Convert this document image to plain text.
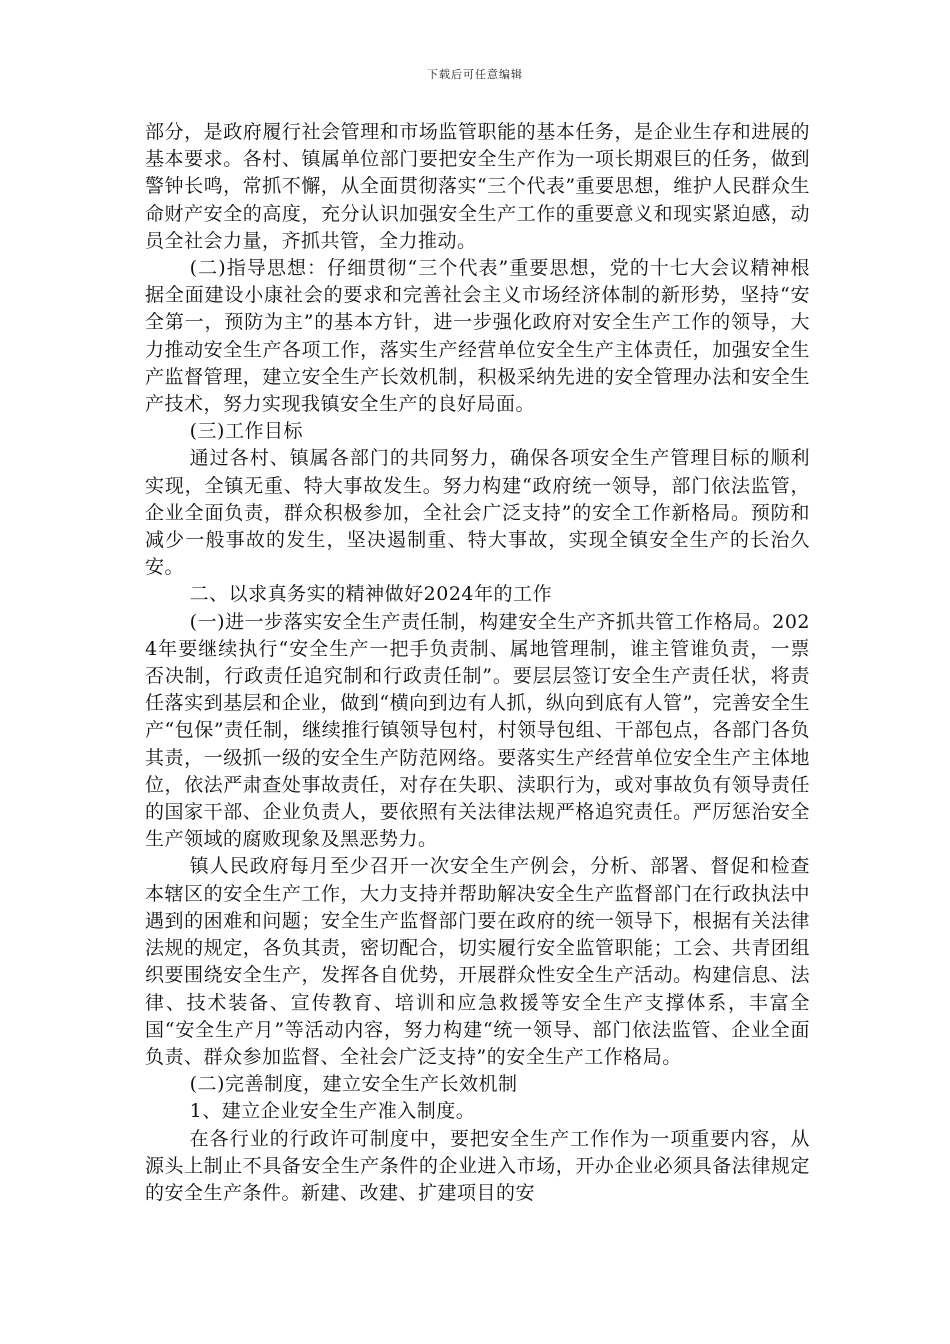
下载后可任意编辑

部分，是政府履行社会管理和市场监管职能的基本任务，是企业生存和进展的基本要求。各村、镇属单位部门要把安全生产作为一项长期艰巨的任务，做到警钟长鸣，常抓不懈，从全面贯彻落实“三个代表”重要思想，维护人民群众生命财产安全的高度，充分认识加强安全生产工作的重要意义和现实紧迫感，动员全社会力量，齐抓共管，全力推动。

(二)指导思想：仔细贯彻“三个代表”重要思想，党的十七大会议精神根据全面建设小康社会的要求和完善社会主义市场经济体制的新形势，坚持“安全第一，预防为主”的基本方针，进一步强化政府对安全生产工作的领导，大力推动安全生产各项工作，落实生产经营单位安全生产主体责任，加强安全生产监督管理，建立安全生产长效机制，积极采纳先进的安全管理办法和安全生产技术，努力实现我镇安全生产的良好局面。

(三)工作目标

通过各村、镇属各部门的共同努力，确保各项安全生产管理目标的顺利实现，全镇无重、特大事故发生。努力构建“政府统一领导，部门依法监管，企业全面负责，群众积极参加，全社会广泛支持”的安全工作新格局。预防和减少一般事故的发生，坚决遏制重、特大事故，实现全镇安全生产的长治久安。

二、以求真务实的精神做好2024年的工作

(一)进一步落实安全生产责任制，构建安全生产齐抓共管工作格局。2024年要继续执行“安全生产一把手负责制、属地管理制，谁主管谁负责，一票否决制，行政责任追究制和行政责任制”。要层层签订安全生产责任状，将责任落实到基层和企业，做到“横向到边有人抓，纵向到底有人管”，完善安全生产“包保”责任制，继续推行镇领导包村，村领导包组、干部包点，各部门各负其责，一级抓一级的安全生产防范网络。要落实生产经营单位安全生产主体地位，依法严肃查处事故责任，对存在失职、渎职行为，或对事故负有领导责任的国家干部、企业负责人，要依照有关法律法规严格追究责任。严厉惩治安全生产领域的腐败现象及黑恶势力。

镇人民政府每月至少召开一次安全生产例会，分析、部署、督促和检查本辖区的安全生产工作，大力支持并帮助解决安全生产监督部门在行政执法中遇到的困难和问题；安全生产监督部门要在政府的统一领导下，根据有关法律法规的规定，各负其责，密切配合，切实履行安全监管职能；工会、共青团组织要围绕安全生产，发挥各自优势，开展群众性安全生产活动。构建信息、法律、技术装备、宣传教育、培训和应急救援等安全生产支撑体系，丰富全国“安全生产月”等活动内容，努力构建“统一领导、部门依法监管、企业全面负责、群众参加监督、全社会广泛支持”的安全生产工作格局。

(二)完善制度，建立安全生产长效机制

1、建立企业安全生产准入制度。

在各行业的行政许可制度中，要把安全生产工作作为一项重要内容，从源头上制止不具备安全生产条件的企业进入市场，开办企业必须具备法律规定的安全生产条件。新建、改建、扩建项目的安
